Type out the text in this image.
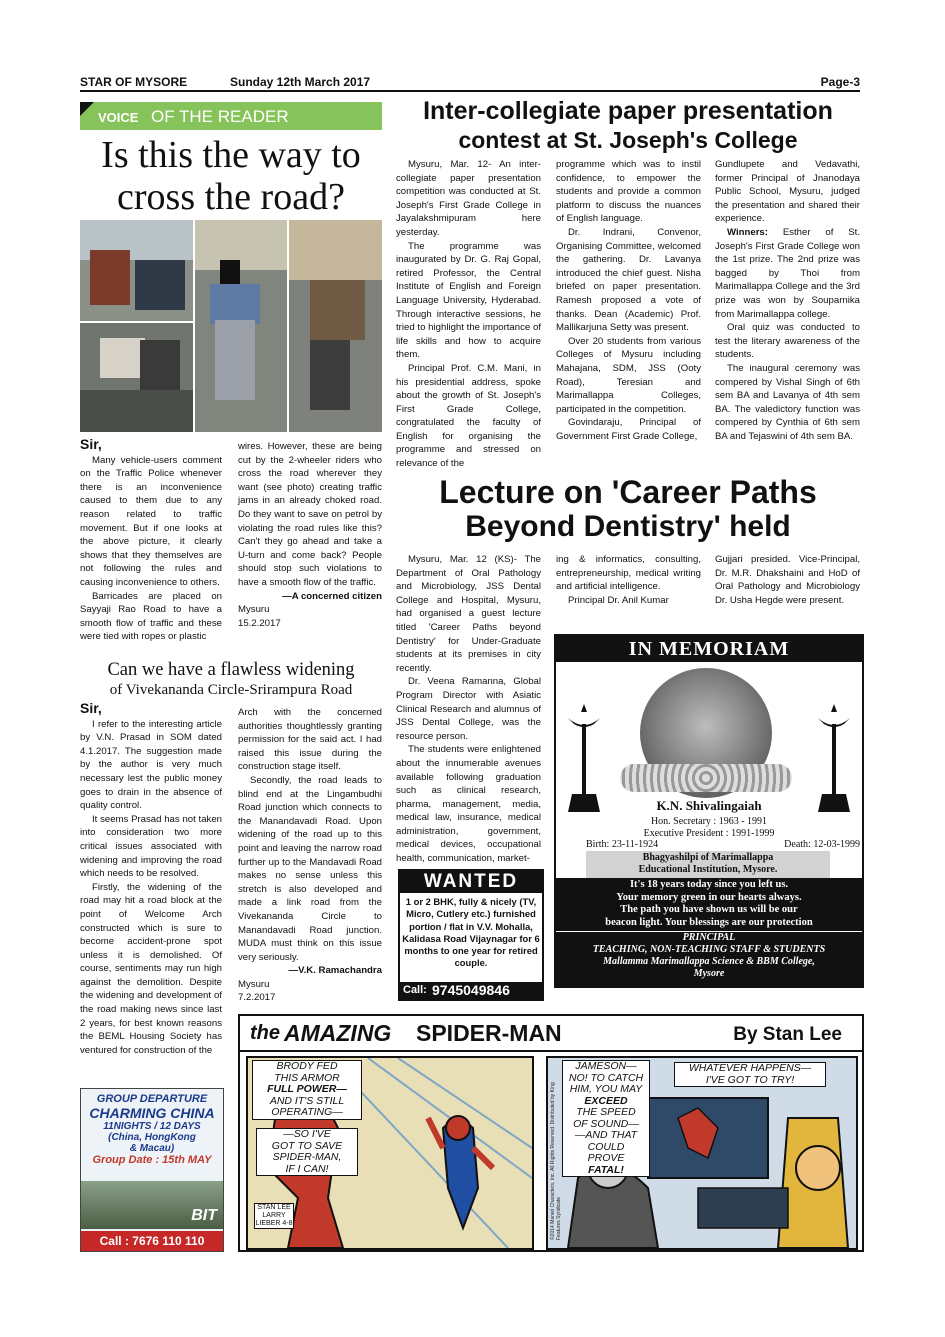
STAR OF MYSORE	Sunday 12th March 2017	Page-3
VOICE OF THE READER
Is this the way to
cross the road?

Sir,

Many vehicle-users comment on the Traffic Police whenever there is an inconvenience caused to them due to any reason related to traffic movement. But if one looks at the above picture, it clearly shows that they themselves are not following the rules and causing inconvenience to others.

Barricades are placed on Sayyaji Rao Road to have a smooth flow of traffic and these were tied with ropes or plastic

wires. However, these are being cut by the 2-wheeler riders who cross the road wherever they want (see photo) creating traffic jams in an already choked road. Do they want to save on petrol by violating the road rules like this? Can't they go ahead and take a U-turn and come back? People should stop such violations to have a smooth flow of the traffic.

—A concerned citizen
Mysuru
15.2.2017
Can we have a flawless widening
of Vivekananda Circle-Srirampura Road

Sir,

I refer to the interesting article by V.N. Prasad in SOM dated 4.1.2017. The suggestion made by the author is very much necessary lest the public money goes to drain in the absence of quality control.

It seems Prasad has not taken into consideration two more critical issues associated with widening and improving the road which needs to be resolved.

Firstly, the widening of the road may hit a road block at the point of Welcome Arch constructed which is sure to become accident-prone spot unless it is demolished. Of course, sentiments may run high against the demolition. Despite the widening and development of the road making news since last 2 years, for best known reasons the BEML Housing Society has ventured for construction of the

Arch with the concerned authorities thoughtlessly granting permission for the said act. I had raised this issue during the construction stage itself.

Secondly, the road leads to blind end at the Lingambudhi Road junction which connects to the Manandavadi Road. Upon widening of the road up to this point and leaving the narrow road further up to the Mandavadi Road makes no sense unless this stretch is also developed and made a link road from the Vivekananda Circle to Manandavadi Road junction. MUDA must think on this issue very seriously.

—V.K. Ramachandra
Mysuru
7.2.2017
GROUP DEPARTURE
CHARMING CHINA
11NIGHTS / 12 DAYS
(China, HongKong
& Macau)
Group Date : 15th MAY
BIT
Call : 7676 110 110
Inter-collegiate paper presentation
contest at St. Joseph's College

Mysuru, Mar. 12- An inter-collegiate paper presentation competition was conducted at St. Joseph's First Grade College in Jayalakshmipuram here yesterday.

The programme was inaugurated by Dr. G. Raj Gopal, retired Professor, the Central Institute of English and Foreign Language University, Hyderabad. Through interactive sessions, he tried to highlight the importance of life skills and how to acquire them.

Principal Prof. C.M. Mani, in his presidential address, spoke about the growth of St. Joseph's First Grade College, congratulated the faculty of English for organising the programme and stressed on relevance of the

programme which was to instil confidence, to empower the students and provide a common platform to discuss the nuances of English language.

Dr. Indrani, Convenor, Organising Committee, welcomed the gathering. Dr. Lavanya introduced the chief guest. Nisha briefed on paper presentation. Ramesh proposed a vote of thanks. Dean (Academic) Prof. Mallikarjuna Setty was present.

Over 20 students from various Colleges of Mysuru including Mahajana, SDM, JSS (Ooty Road), Teresian and Marimallappa Colleges, participated in the competition.

Govindaraju, Principal of Government First Grade College,

Gundlupete and Vedavathi, former Principal of Jnanodaya Public School, Mysuru, judged the presentation and shared their experience.

Winners: Esther of St. Joseph's First Grade College won the 1st prize. The 2nd prize was bagged by Thoi from Marimallappa College and the 3rd prize was won by Souparnika from Marimallappa college.

Oral quiz was conducted to test the literary awareness of the students.

The inaugural ceremony was compered by Vishal Singh of 6th sem BA and Lavanya of 4th sem BA. The valedictory function was compered by Cynthia of 6th sem BA and Tejaswini of 4th sem BA.

Lecture on 'Career Paths
Beyond Dentistry' held

Mysuru, Mar. 12 (KS)- The Department of Oral Pathology and Microbiology, JSS Dental College and Hospital, Mysuru, had organised a guest lecture titled 'Career Paths beyond Dentistry' for Under-Graduate students at its premises in city recently.

Dr. Veena Ramanna, Global Program Director with Asiatic Clinical Research and alumnus of JSS Dental College, was the resource person.

The students were enlightened about the innumerable avenues available following graduation such as clinical research, pharma, management, media, medical law, insurance, medical administration, government, medical devices, occupational health, communication, market-

ing & informatics, consulting, entrepreneurship, medical writing and artificial intelligence.

Principal Dr. Anil Kumar

Gujjari presided. Vice-Principal, Dr. M.R. Dhakshaini and HoD of Oral Pathology and Microbiology Dr. Usha Hegde were present.

WANTED
1 or 2 BHK, fully & nicely (TV, Micro, Cutlery etc.) furnished portion / flat in V.V. Mohalla, Kalidasa Road Vijaynagar for 6 months to one year for retired couple.
Call: 9745049846
IN MEMORIAM
K.N. Shivalingaiah
Hon. Secretary : 1963 - 1991
Executive President : 1991-1999
Birth: 23-11-1924	Death: 12-03-1999
Bhagyashilpi of Marimallappa
Educational Institution, Mysore.
It's 18 years today since you left us.
Your memory green in our hearts always.
The path you have shown us will be our
beacon light. Your blessings are our protection
PRINCIPAL
TEACHING, NON-TEACHING STAFF & STUDENTS
Mallamma Marimallappa Science & BBM College,
Mysore
the AMAZING SPIDER-MAN	By Stan Lee
BRODY FED
THIS ARMOR
FULL POWER—
AND IT'S STILL
OPERATING—
—SO I'VE
GOT TO SAVE
SPIDER-MAN,
IF I CAN!
STAN LEE LARRY LIEBER 4-8
JAMESON—
NO! TO CATCH
HIM, YOU MAY
EXCEED
THE SPEED
OF SOUND—
—AND THAT
COULD
PROVE
FATAL!
WHATEVER HAPPENS—
I'VE GOT TO TRY!
©2014 Marvel Characters, Inc. All Rights Reserved. Distributed by King Features Syndicate
